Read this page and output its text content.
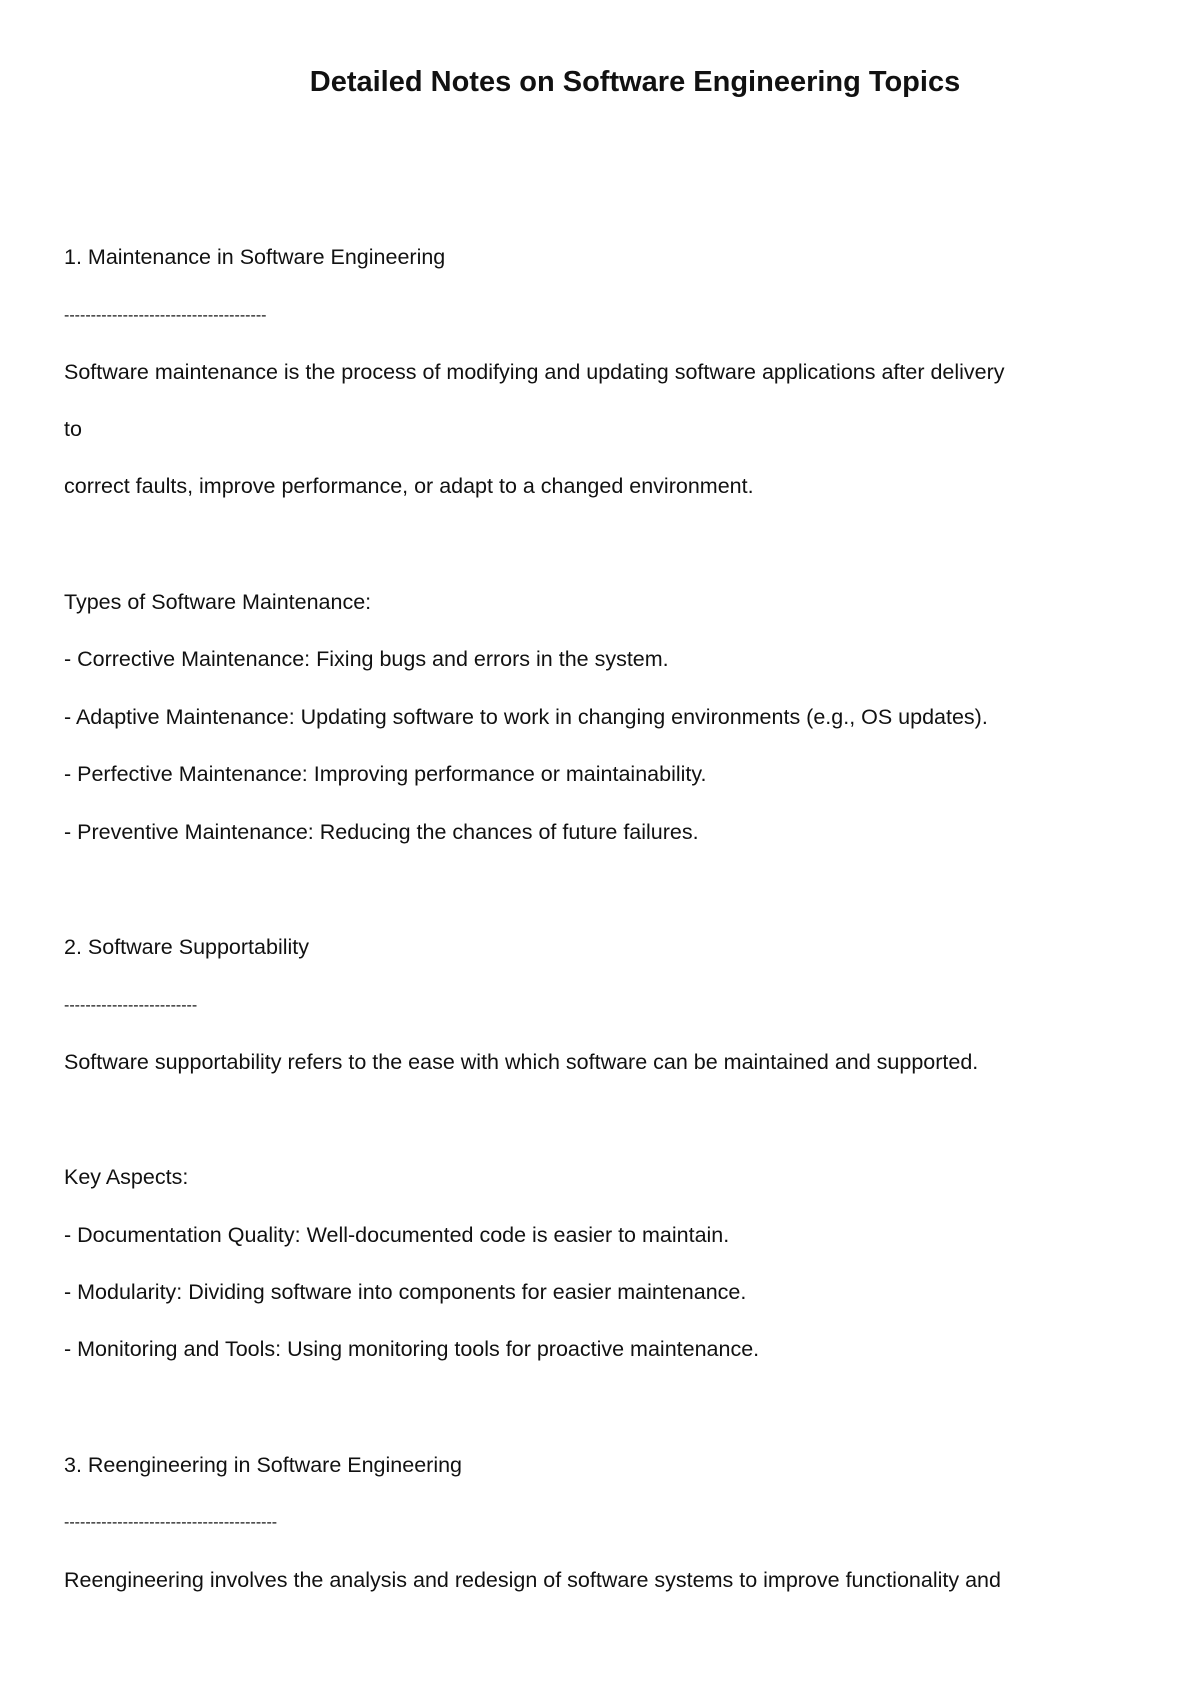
Detailed Notes on Software Engineering Topics
1. Maintenance in Software Engineering
--------------------------------------
Software maintenance is the process of modifying and updating software applications after delivery
to
correct faults, improve performance, or adapt to a changed environment.
Types of Software Maintenance:
- Corrective Maintenance: Fixing bugs and errors in the system.
- Adaptive Maintenance: Updating software to work in changing environments (e.g., OS updates).
- Perfective Maintenance: Improving performance or maintainability.
- Preventive Maintenance: Reducing the chances of future failures.
2. Software Supportability
-------------------------
Software supportability refers to the ease with which software can be maintained and supported.
Key Aspects:
- Documentation Quality: Well-documented code is easier to maintain.
- Modularity: Dividing software into components for easier maintenance.
- Monitoring and Tools: Using monitoring tools for proactive maintenance.
3. Reengineering in Software Engineering
----------------------------------------
Reengineering involves the analysis and redesign of software systems to improve functionality and
